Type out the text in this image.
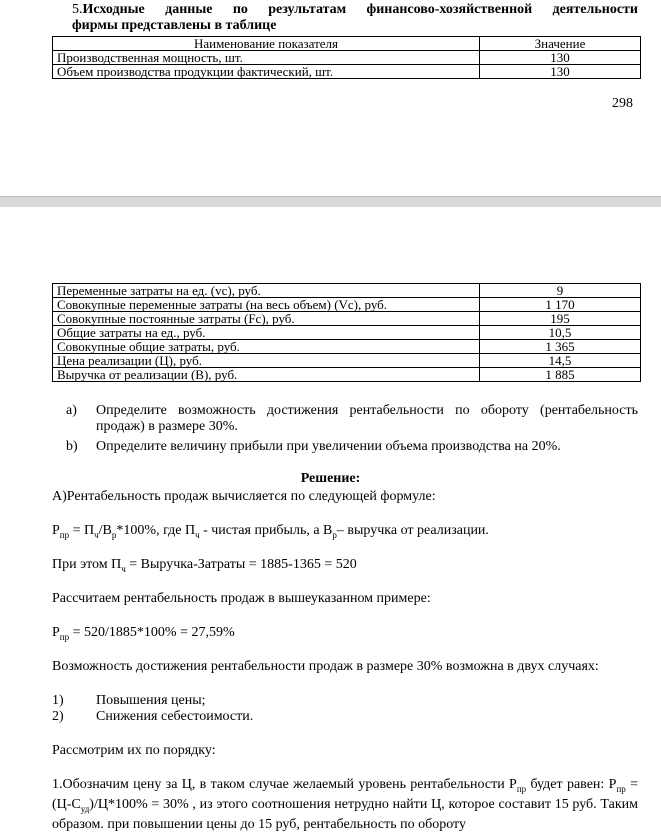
5.Исходные данные по результатам финансово-хозяйственной деятельности
фирмы представлены в таблице
Наименование показателя	Значение
Производственная мощность, шт.	130
Объем производства продукции фактический, шт.	130
298
Переменные затраты на ед. (vc), руб.	9
Совокупные переменные затраты (на весь объем) (Vc), руб.	1 170
Совокупные постоянные затраты (Fc), руб.	195
Общие затраты на ед., руб.	10,5
Совокупные общие затраты, руб.	1 365
Цена реализации (Ц), руб.	14,5
Выручка от реализации (В), руб.	1 885
a) Определите возможность достижения рентабельности по обороту (рентабельность продаж) в размере 30%.
b) Определите величину прибыли при увеличении объема производства на 20%.
Решение:
А)Рентабельность продаж вычисляется по следующей формуле:
$Р_{пр} = П_ч/В_р*100\%$, где $П_ч$ - чистая прибыль, а $В_р-$ выручка от реализации.
При этом $П_ч$ = Выручка-Затраты = 1885-1365 = 520
Рассчитаем рентабельность продаж в вышеуказанном примере:
$Р_{пр} = 520/1885*100\% = 27,59\%$
Возможность достижения рентабельности продаж в размере 30% возможна в двух случаях:
1) Повышения цены;
2) Снижения себестоимости.
Рассмотрим их по порядку:
1.Обозначим цену за Ц, в таком случае желаемый уровень рентабельности $Р_{пр}$ будет равен: $Р_{пр} = (Ц-С_{уд})/Ц*100\% = 30\%$ , из этого соотношения нетрудно найти Ц, которое составит 15 руб. Таким образом. при повышении цены до 15 руб, рентабельность по обороту
